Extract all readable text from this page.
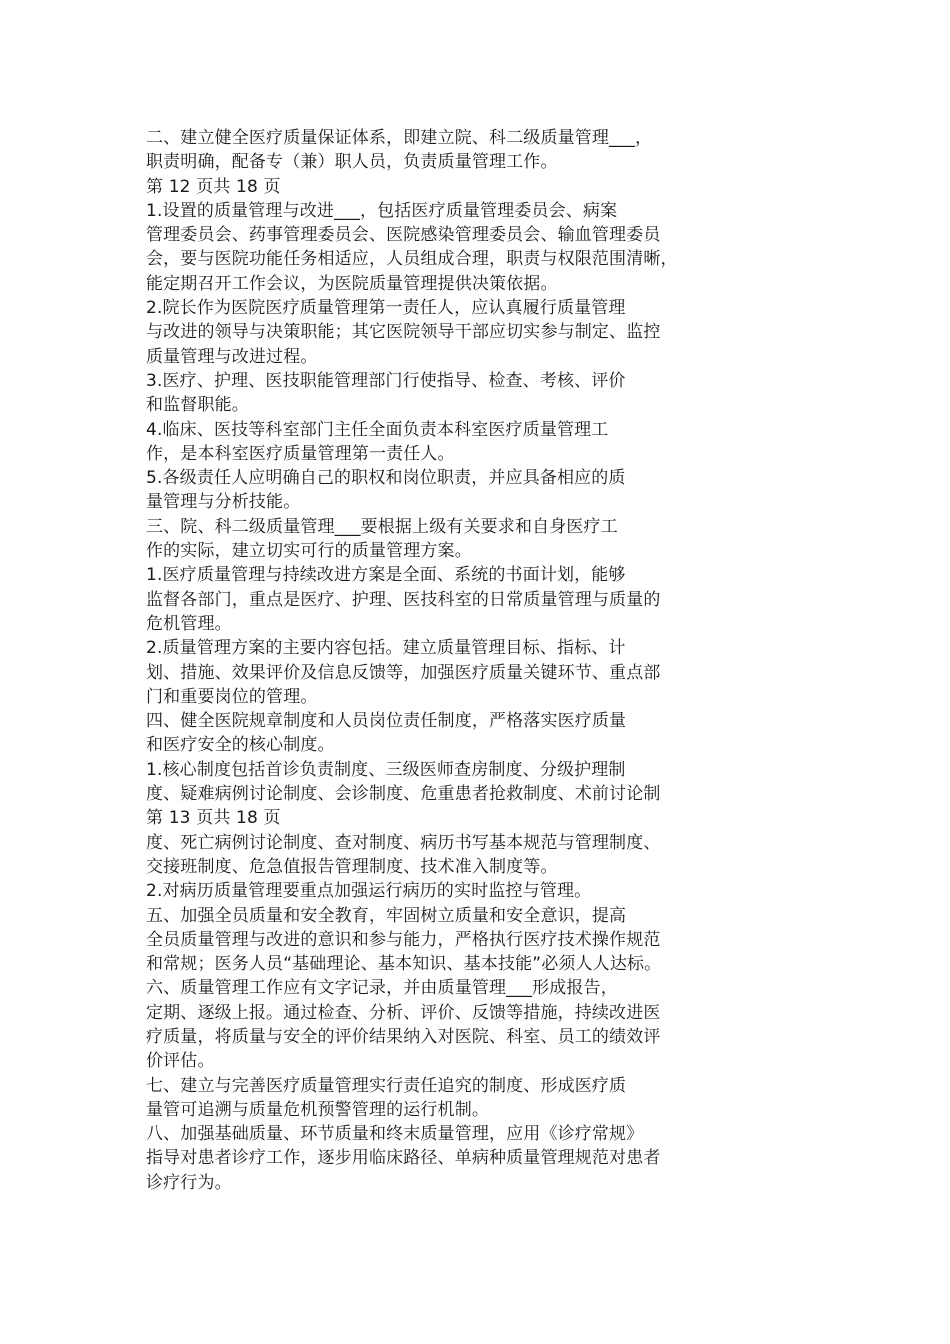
二、建立健全医疗质量保证体系，即建立院、科二级质量管理___，
职责明确，配备专（兼）职人员，负责质量管理工作。
第 12 页共 18 页
1.设置的质量管理与改进___，包括医疗质量管理委员会、病案
管理委员会、药事管理委员会、医院感染管理委员会、输血管理委员
会，要与医院功能任务相适应，人员组成合理，职责与权限范围清晰，
能定期召开工作会议，为医院质量管理提供决策依据。
2.院长作为医院医疗质量管理第一责任人，应认真履行质量管理
与改进的领导与决策职能；其它医院领导干部应切实参与制定、监控
质量管理与改进过程。
3.医疗、护理、医技职能管理部门行使指导、检查、考核、评价
和监督职能。
4.临床、医技等科室部门主任全面负责本科室医疗质量管理工
作，是本科室医疗质量管理第一责任人。
5.各级责任人应明确自己的职权和岗位职责，并应具备相应的质
量管理与分析技能。
三、院、科二级质量管理___要根据上级有关要求和自身医疗工
作的实际，建立切实可行的质量管理方案。
1.医疗质量管理与持续改进方案是全面、系统的书面计划，能够
监督各部门，重点是医疗、护理、医技科室的日常质量管理与质量的
危机管理。
2.质量管理方案的主要内容包括。建立质量管理目标、指标、计
划、措施、效果评价及信息反馈等，加强医疗质量关键环节、重点部
门和重要岗位的管理。
四、健全医院规章制度和人员岗位责任制度，严格落实医疗质量
和医疗安全的核心制度。
1.核心制度包括首诊负责制度、三级医师查房制度、分级护理制
度、疑难病例讨论制度、会诊制度、危重患者抢救制度、术前讨论制
第 13 页共 18 页
度、死亡病例讨论制度、查对制度、病历书写基本规范与管理制度、
交接班制度、危急值报告管理制度、技术准入制度等。
2.对病历质量管理要重点加强运行病历的实时监控与管理。
五、加强全员质量和安全教育，牢固树立质量和安全意识，提高
全员质量管理与改进的意识和参与能力，严格执行医疗技术操作规范
和常规；医务人员“基础理论、基本知识、基本技能”必须人人达标。
六、质量管理工作应有文字记录，并由质量管理___形成报告，
定期、逐级上报。通过检查、分析、评价、反馈等措施，持续改进医
疗质量，将质量与安全的评价结果纳入对医院、科室、员工的绩效评
价评估。
七、建立与完善医疗质量管理实行责任追究的制度、形成医疗质
量管可追溯与质量危机预警管理的运行机制。
八、加强基础质量、环节质量和终末质量管理，应用《诊疗常规》
指导对患者诊疗工作，逐步用临床路径、单病种质量管理规范对患者
诊疗行为。
